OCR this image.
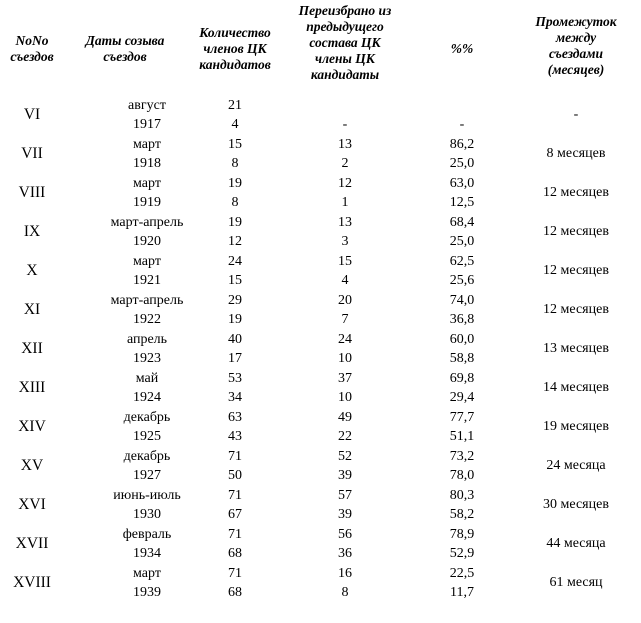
NoNo
съездов
Даты созыва
съездов
Количество
членов ЦК
кандидатов
Переизбрано из
предыдущего
состава ЦК
члены ЦК
кандидаты
%%
Промежуток
между
съездами
(месяцев)
VI
август
1917
21
4	-	-
-
VII
март
1918
15
8
13
2
86,2
25,0
8 месяцев
VIII
март
1919
19
8
12
1
63,0
12,5
12 месяцев
IX
март-апрель
1920
19
12
13
3
68,4
25,0
12 месяцев
X
март
1921
24
15
15
4
62,5
25,6
12 месяцев
XI
март-апрель
1922
29
19
20
7
74,0
36,8
12 месяцев
XII
апрель
1923
40
17
24
10
60,0
58,8
13 месяцев
XIII
май
1924
53
34
37
10
69,8
29,4
14 месяцев
XIV
декабрь
1925
63
43
49
22
77,7
51,1
19 месяцев
XV
декабрь
1927
71
50
52
39
73,2
78,0
24 месяца
XVI
июнь-июль
1930
71
67
57
39
80,3
58,2
30 месяцев
XVII
февраль
1934
71
68
56
36
78,9
52,9
44 месяца
XVIII
март
1939
71
68
16
8
22,5
11,7
61 месяц
